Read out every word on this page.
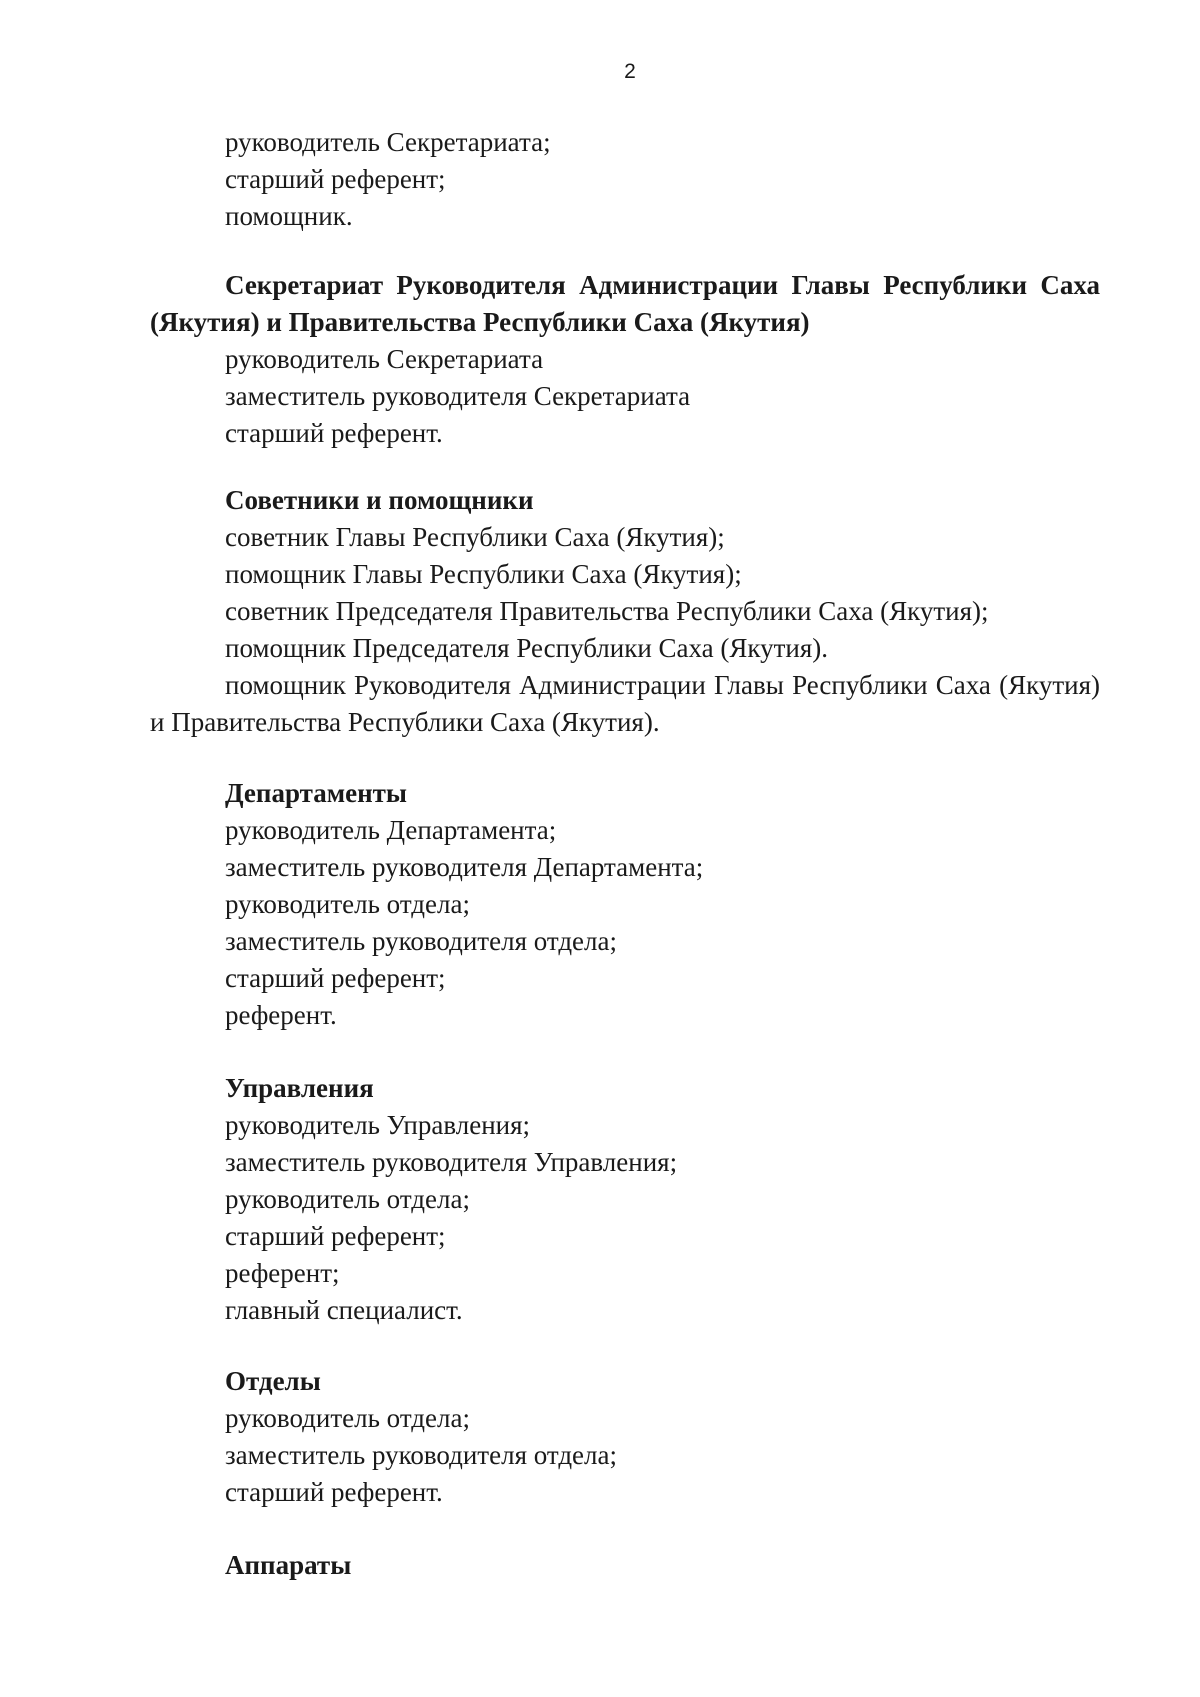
2

руководитель Секретариата;

старший референт;

помощник.

Секретариат Руководителя Администрации Главы Республики Саха (Якутия) и Правительства Республики Саха (Якутия)

руководитель Секретариата

заместитель руководителя Секретариата

старший референт.

Советники и помощники

советник Главы Республики Саха (Якутия);

помощник Главы Республики Саха (Якутия);

советник Председателя Правительства Республики Саха (Якутия);

помощник Председателя Республики Саха (Якутия).

помощник Руководителя Администрации Главы Республики Саха (Якутия) и Правительства Республики Саха (Якутия).

Департаменты

руководитель Департамента;

заместитель руководителя Департамента;

руководитель отдела;

заместитель руководителя отдела;

старший референт;

референт.

Управления

руководитель Управления;

заместитель руководителя Управления;

руководитель отдела;

старший референт;

референт;

главный специалист.

Отделы

руководитель отдела;

заместитель руководителя отдела;

старший референт.

Аппараты
